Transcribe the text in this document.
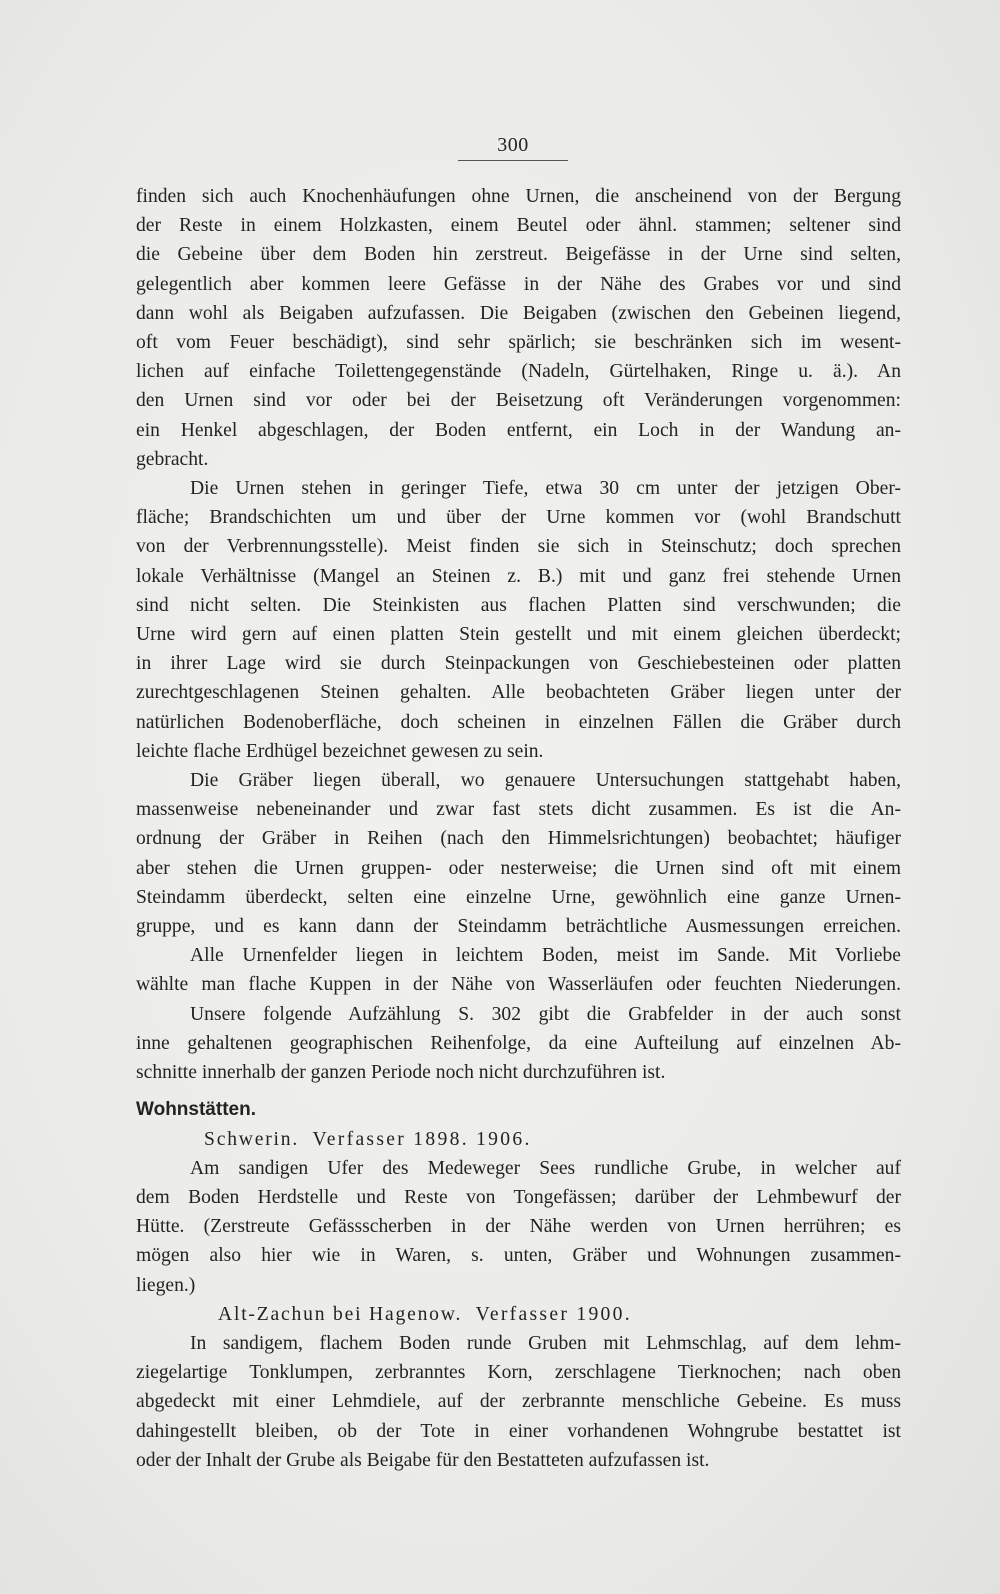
300
finden sich auch Knochenhäufungen ohne Urnen, die anscheinend von der Bergung
der Reste in einem Holzkasten, einem Beutel oder ähnl. stammen; seltener sind
die Gebeine über dem Boden hin zerstreut. Beigefässe in der Urne sind selten,
gelegentlich aber kommen leere Gefässe in der Nähe des Grabes vor und sind
dann wohl als Beigaben aufzufassen. Die Beigaben (zwischen den Gebeinen liegend,
oft vom Feuer beschädigt), sind sehr spärlich; sie beschränken sich im wesent-
lichen auf einfache Toilettengegenstände (Nadeln, Gürtelhaken, Ringe u. ä.). An
den Urnen sind vor oder bei der Beisetzung oft Veränderungen vorgenommen:
ein Henkel abgeschlagen, der Boden entfernt, ein Loch in der Wandung an-
gebracht.
Die Urnen stehen in geringer Tiefe, etwa 30 cm unter der jetzigen Ober-
fläche; Brandschichten um und über der Urne kommen vor (wohl Brandschutt
von der Verbrennungsstelle). Meist finden sie sich in Steinschutz; doch sprechen
lokale Verhältnisse (Mangel an Steinen z. B.) mit und ganz frei stehende Urnen
sind nicht selten. Die Steinkisten aus flachen Platten sind verschwunden; die
Urne wird gern auf einen platten Stein gestellt und mit einem gleichen überdeckt;
in ihrer Lage wird sie durch Steinpackungen von Geschiebesteinen oder platten
zurechtgeschlagenen Steinen gehalten. Alle beobachteten Gräber liegen unter der
natürlichen Bodenoberfläche, doch scheinen in einzelnen Fällen die Gräber durch
leichte flache Erdhügel bezeichnet gewesen zu sein.
Die Gräber liegen überall, wo genauere Untersuchungen stattgehabt haben,
massenweise nebeneinander und zwar fast stets dicht zusammen. Es ist die An-
ordnung der Gräber in Reihen (nach den Himmelsrichtungen) beobachtet; häufiger
aber stehen die Urnen gruppen- oder nesterweise; die Urnen sind oft mit einem
Steindamm überdeckt, selten eine einzelne Urne, gewöhnlich eine ganze Urnen-
gruppe, und es kann dann der Steindamm beträchtliche Ausmessungen erreichen.
Alle Urnenfelder liegen in leichtem Boden, meist im Sande. Mit Vorliebe
wählte man flache Kuppen in der Nähe von Wasserläufen oder feuchten Niederungen.
Unsere folgende Aufzählung S. 302 gibt die Grabfelder in der auch sonst
inne gehaltenen geographischen Reihenfolge, da eine Aufteilung auf einzelnen Ab-
schnitte innerhalb der ganzen Periode noch nicht durchzuführen ist.
Wohnstätten.
Schwerin. Verfasser 1898. 1906.
Am sandigen Ufer des Medeweger Sees rundliche Grube, in welcher auf
dem Boden Herdstelle und Reste von Tongefässen; darüber der Lehmbewurf der
Hütte. (Zerstreute Gefässscherben in der Nähe werden von Urnen herrühren; es
mögen also hier wie in Waren, s. unten, Gräber und Wohnungen zusammen-
liegen.)
Alt-Zachun bei Hagenow. Verfasser 1900.
In sandigem, flachem Boden runde Gruben mit Lehmschlag, auf dem lehm-
ziegelartige Tonklumpen, zerbranntes Korn, zerschlagene Tierknochen; nach oben
abgedeckt mit einer Lehmdiele, auf der zerbrannte menschliche Gebeine. Es muss
dahingestellt bleiben, ob der Tote in einer vorhandenen Wohngrube bestattet ist
oder der Inhalt der Grube als Beigabe für den Bestatteten aufzufassen ist.
